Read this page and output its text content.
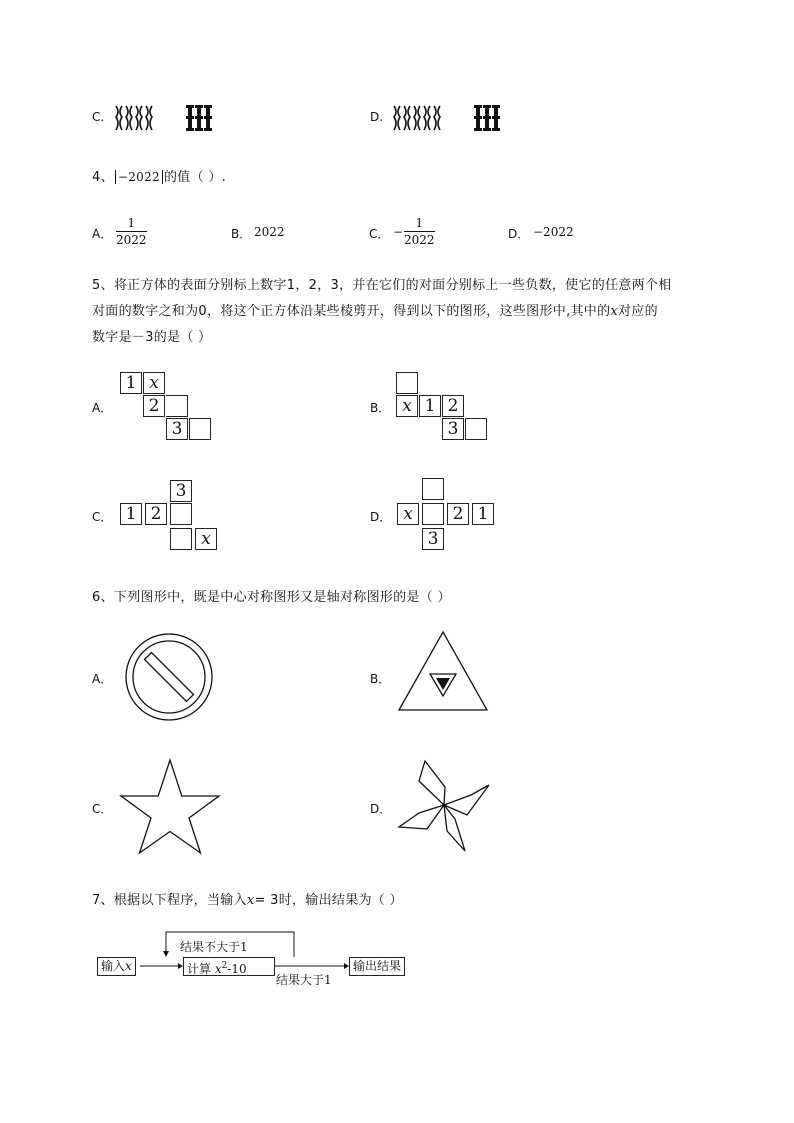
C.	D.
4、 −2022 的值（ ）.
A．
1
2022	B． 2022	C． −
1
2022	D． −2022
5、将正方体的表面分别标上数字1，2，3，并在它们的对面分别标上一些负数，使它的任意两个相
对面的数字之和为0，将这个正方体沿某些棱剪开，得到以下的图形，这些图形中,其中的x对应的
数字是－3的是（ ）
A．
1 x
2
3
B． x 1 2
3
C．
3
1 2
x
D． x	2 1
3
6、下列图形中，既是中心对称图形又是轴对称图形的是（ ）
A．	B．
C．	D．
7、根据以下程序，当输入x= 3时，输出结果为（ ）
输入x
结果不大于1
计算 $x^2-10$
结果大于1
输出结果
